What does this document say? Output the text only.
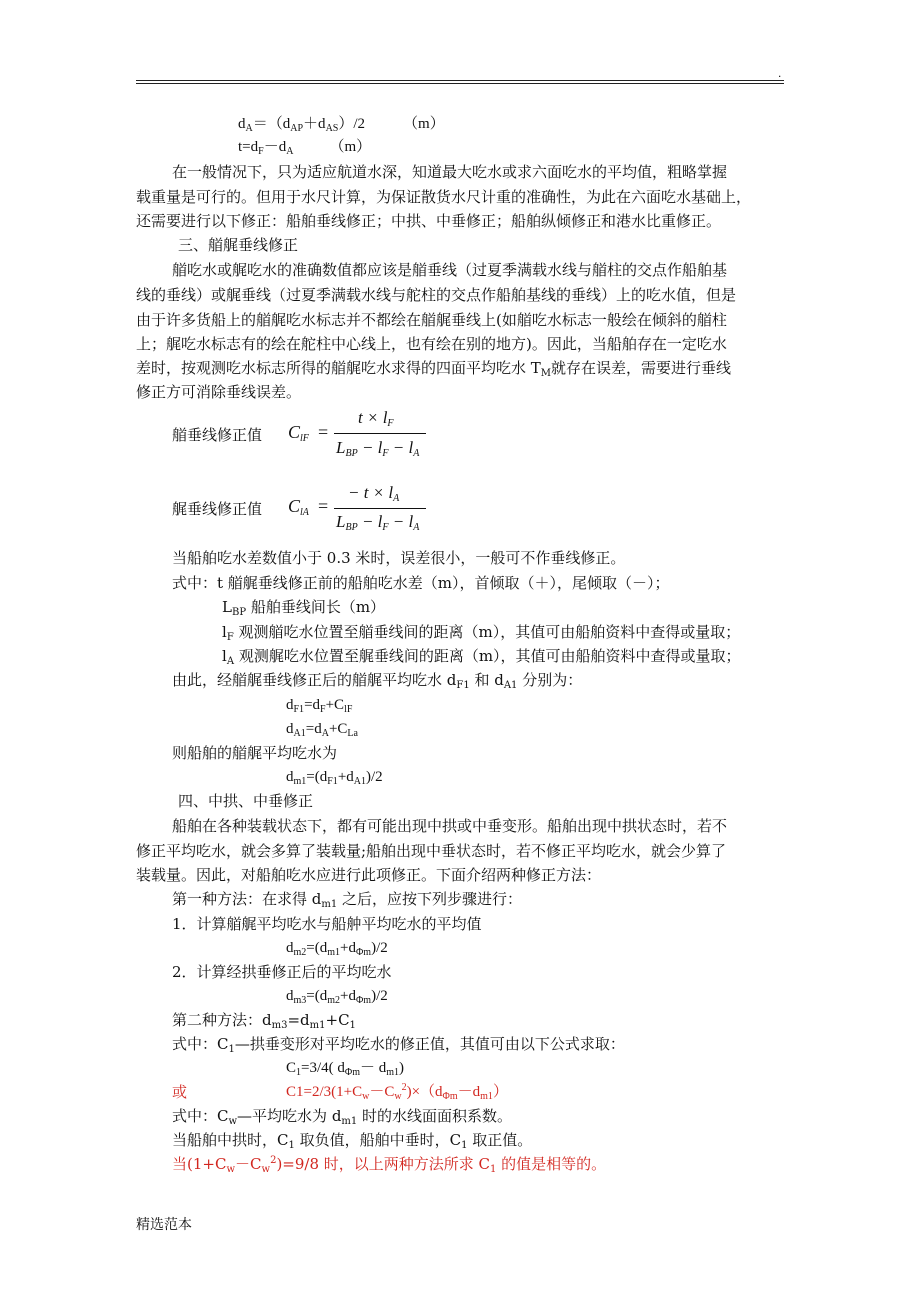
.
$d_A=(d_{AP}+d_{AS})/2$	（m）
$t=d_F-d_A$ （m）
在一般情况下，只为适应航道水深，知道最大吃水或求六面吃水的平均值，粗略掌握
载重量是可行的。但用于水尺计算，为保证散货水尺计重的准确性，为此在六面吃水基础上，
还需要进行以下修正：船舶垂线修正；中拱、中垂修正；船舶纵倾修正和港水比重修正。
三、艏艉垂线修正
艏吃水或艉吃水的准确数值都应该是艏垂线（过夏季满载水线与艏柱的交点作船舶基
线的垂线）或艉垂线（过夏季满载水线与舵柱的交点作船舶基线的垂线）上的吃水值，但是
由于许多货船上的艏艉吃水标志并不都绘在艏艉垂线上(如艏吃水标志一般绘在倾斜的艏柱
上；艉吃水标志有的绘在舵柱中心线上，也有绘在别的地方)。因此，当船舶存在一定吃水
差时，按观测吃水标志所得的艏艉吃水求得的四面平均吃水 $T_M$就存在误差，需要进行垂线
修正方可消除垂线误差。
艏垂线修正值 $C_{lF}$ =
$t \times l_F$
$L_{BP} - l_F - l_A$
艉垂线修正值 $C_{lA}$ =
− $t \times l_A$
$L_{BP} - l_F - l_A$
当船舶吃水差数值小于 0.3 米时，误差很小，一般可不作垂线修正。
式中：t 艏艉垂线修正前的船舶吃水差（m），首倾取（＋），尾倾取（－）；
$L_{BP}$ 船舶垂线间长（m）
$l_F$ 观测艏吃水位置至艏垂线间的距离（m），其值可由船舶资料中查得或量取；
$l_A$ 观测艉吃水位置至艉垂线间的距离（m），其值可由船舶资料中查得或量取；
由此，经艏艉垂线修正后的艏艉平均吃水 $d_{F1}$ 和 $d_{A1}$ 分别为：
$d_{F1}=d_F+C_{lF}$
$d_{A1}=d_A+C_{La}$
则船舶的艏艉平均吃水为
$d_{m1}=(d_{F1}+d_{A1})/2$
四、中拱、中垂修正
船舶在各种装载状态下，都有可能出现中拱或中垂变形。船舶出现中拱状态时，若不
修正平均吃水，就会多算了装载量;船舶出现中垂状态时，若不修正平均吃水，就会少算了
装载量。因此，对船舶吃水应进行此项修正。下面介绍两种修正方法：
第一种方法：在求得 $d_{m1}$ 之后，应按下列步骤进行：
1．计算艏艉平均吃水与船舯平均吃水的平均值
$d_{m2}=(d_{m1}+d_{\Phi m})/2$
2．计算经拱垂修正后的平均吃水
$d_{m3}=(d_{m2}+d_{\Phi m})/2$
第二种方法：$d_{m3}=d_{m1}+C_1$
式中：$C_1—$拱垂变形对平均吃水的修正值，其值可由以下公式求取：
$C_1=3/4$( $d_{\Phi m}- d_{m1}$)
或	$C1=2/3(1+C_w-C_w^2)\times(d_{\Phi m}-d_{m1})$
式中：$C_w—$平均吃水为 $d_{m1}$ 时的水线面面积系数。
当船舶中拱时，$C_1$ 取负值，船舶中垂时，$C_1$ 取正值。
当$(1+C_w-C_w^2)=9/8$ 时，以上两种方法所求 $C_1$ 的值是相等的。
精选范本
